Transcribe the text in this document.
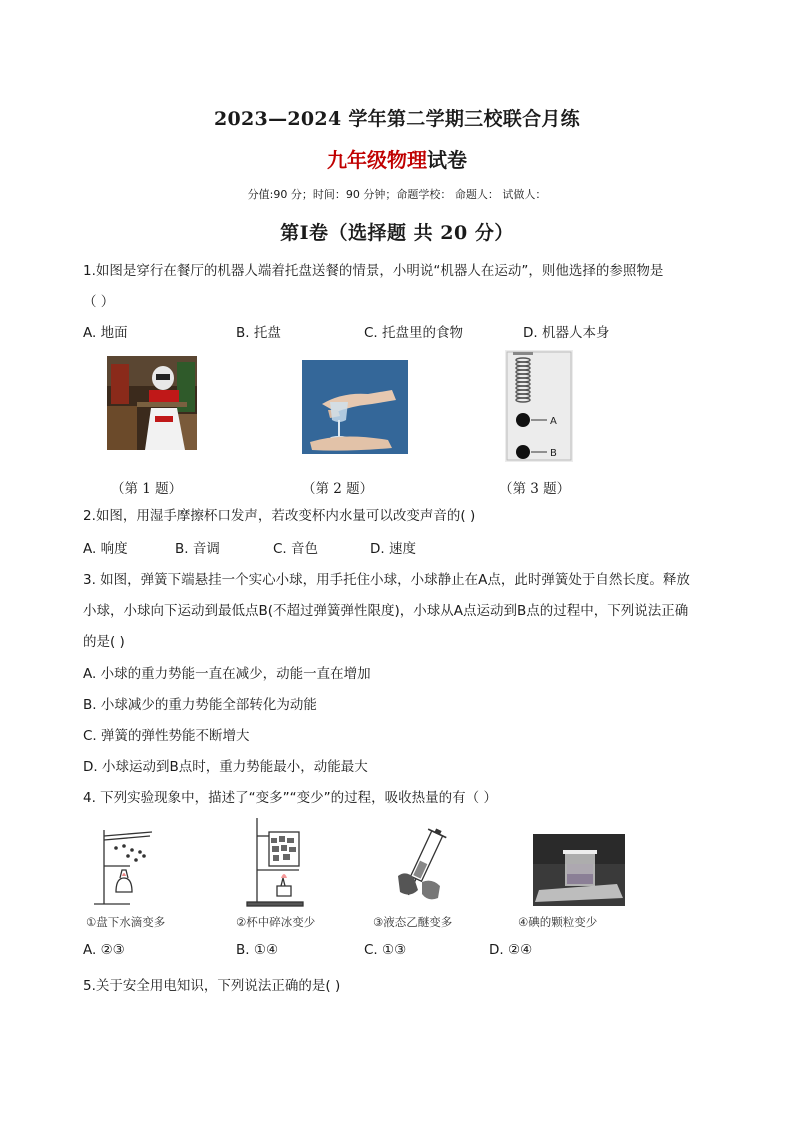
2023—2024 学年第二学期三校联合月练
九年级物理试卷
分值:90 分；时间：90 分钟；命题学校： 命题人： 试做人：
第Ⅰ卷（选择题 共 20 分）
1.如图是穿行在餐厅的机器人端着托盘送餐的情景，小明说“机器人在运动”，则他选择的参照物是
（ ）
A. 地面	B. 托盘	C. 托盘里的食物	D. 机器人本身
A
B
（第 1 题）	（第 2 题）	（第 3 题）
2.如图，用湿手摩擦杯口发声，若改变杯内水量可以改变声音的( )
A. 响度	B. 音调	C. 音色	D. 速度
3. 如图，弹簧下端悬挂一个实心小球，用手托住小球，小球静止在A点，此时弹簧处于自然长度。释放
小球，小球向下运动到最低点B(不超过弹簧弹性限度)，小球从A点运动到B点的过程中，下列说法正确
的是( )
A. 小球的重力势能一直在减少，动能一直在增加
B. 小球减少的重力势能全部转化为动能
C. 弹簧的弹性势能不断增大
D. 小球运动到B点时，重力势能最小，动能最大
4. 下列实验现象中，描述了“变多”“变少”的过程，吸收热量的有（ ）
①盘下水滴变多	②杯中碎冰变少	③液态乙醚变多	④碘的颗粒变少
A. ②③	B. ①④	C. ①③	D. ②④
5.关于安全用电知识，下列说法正确的是( )
